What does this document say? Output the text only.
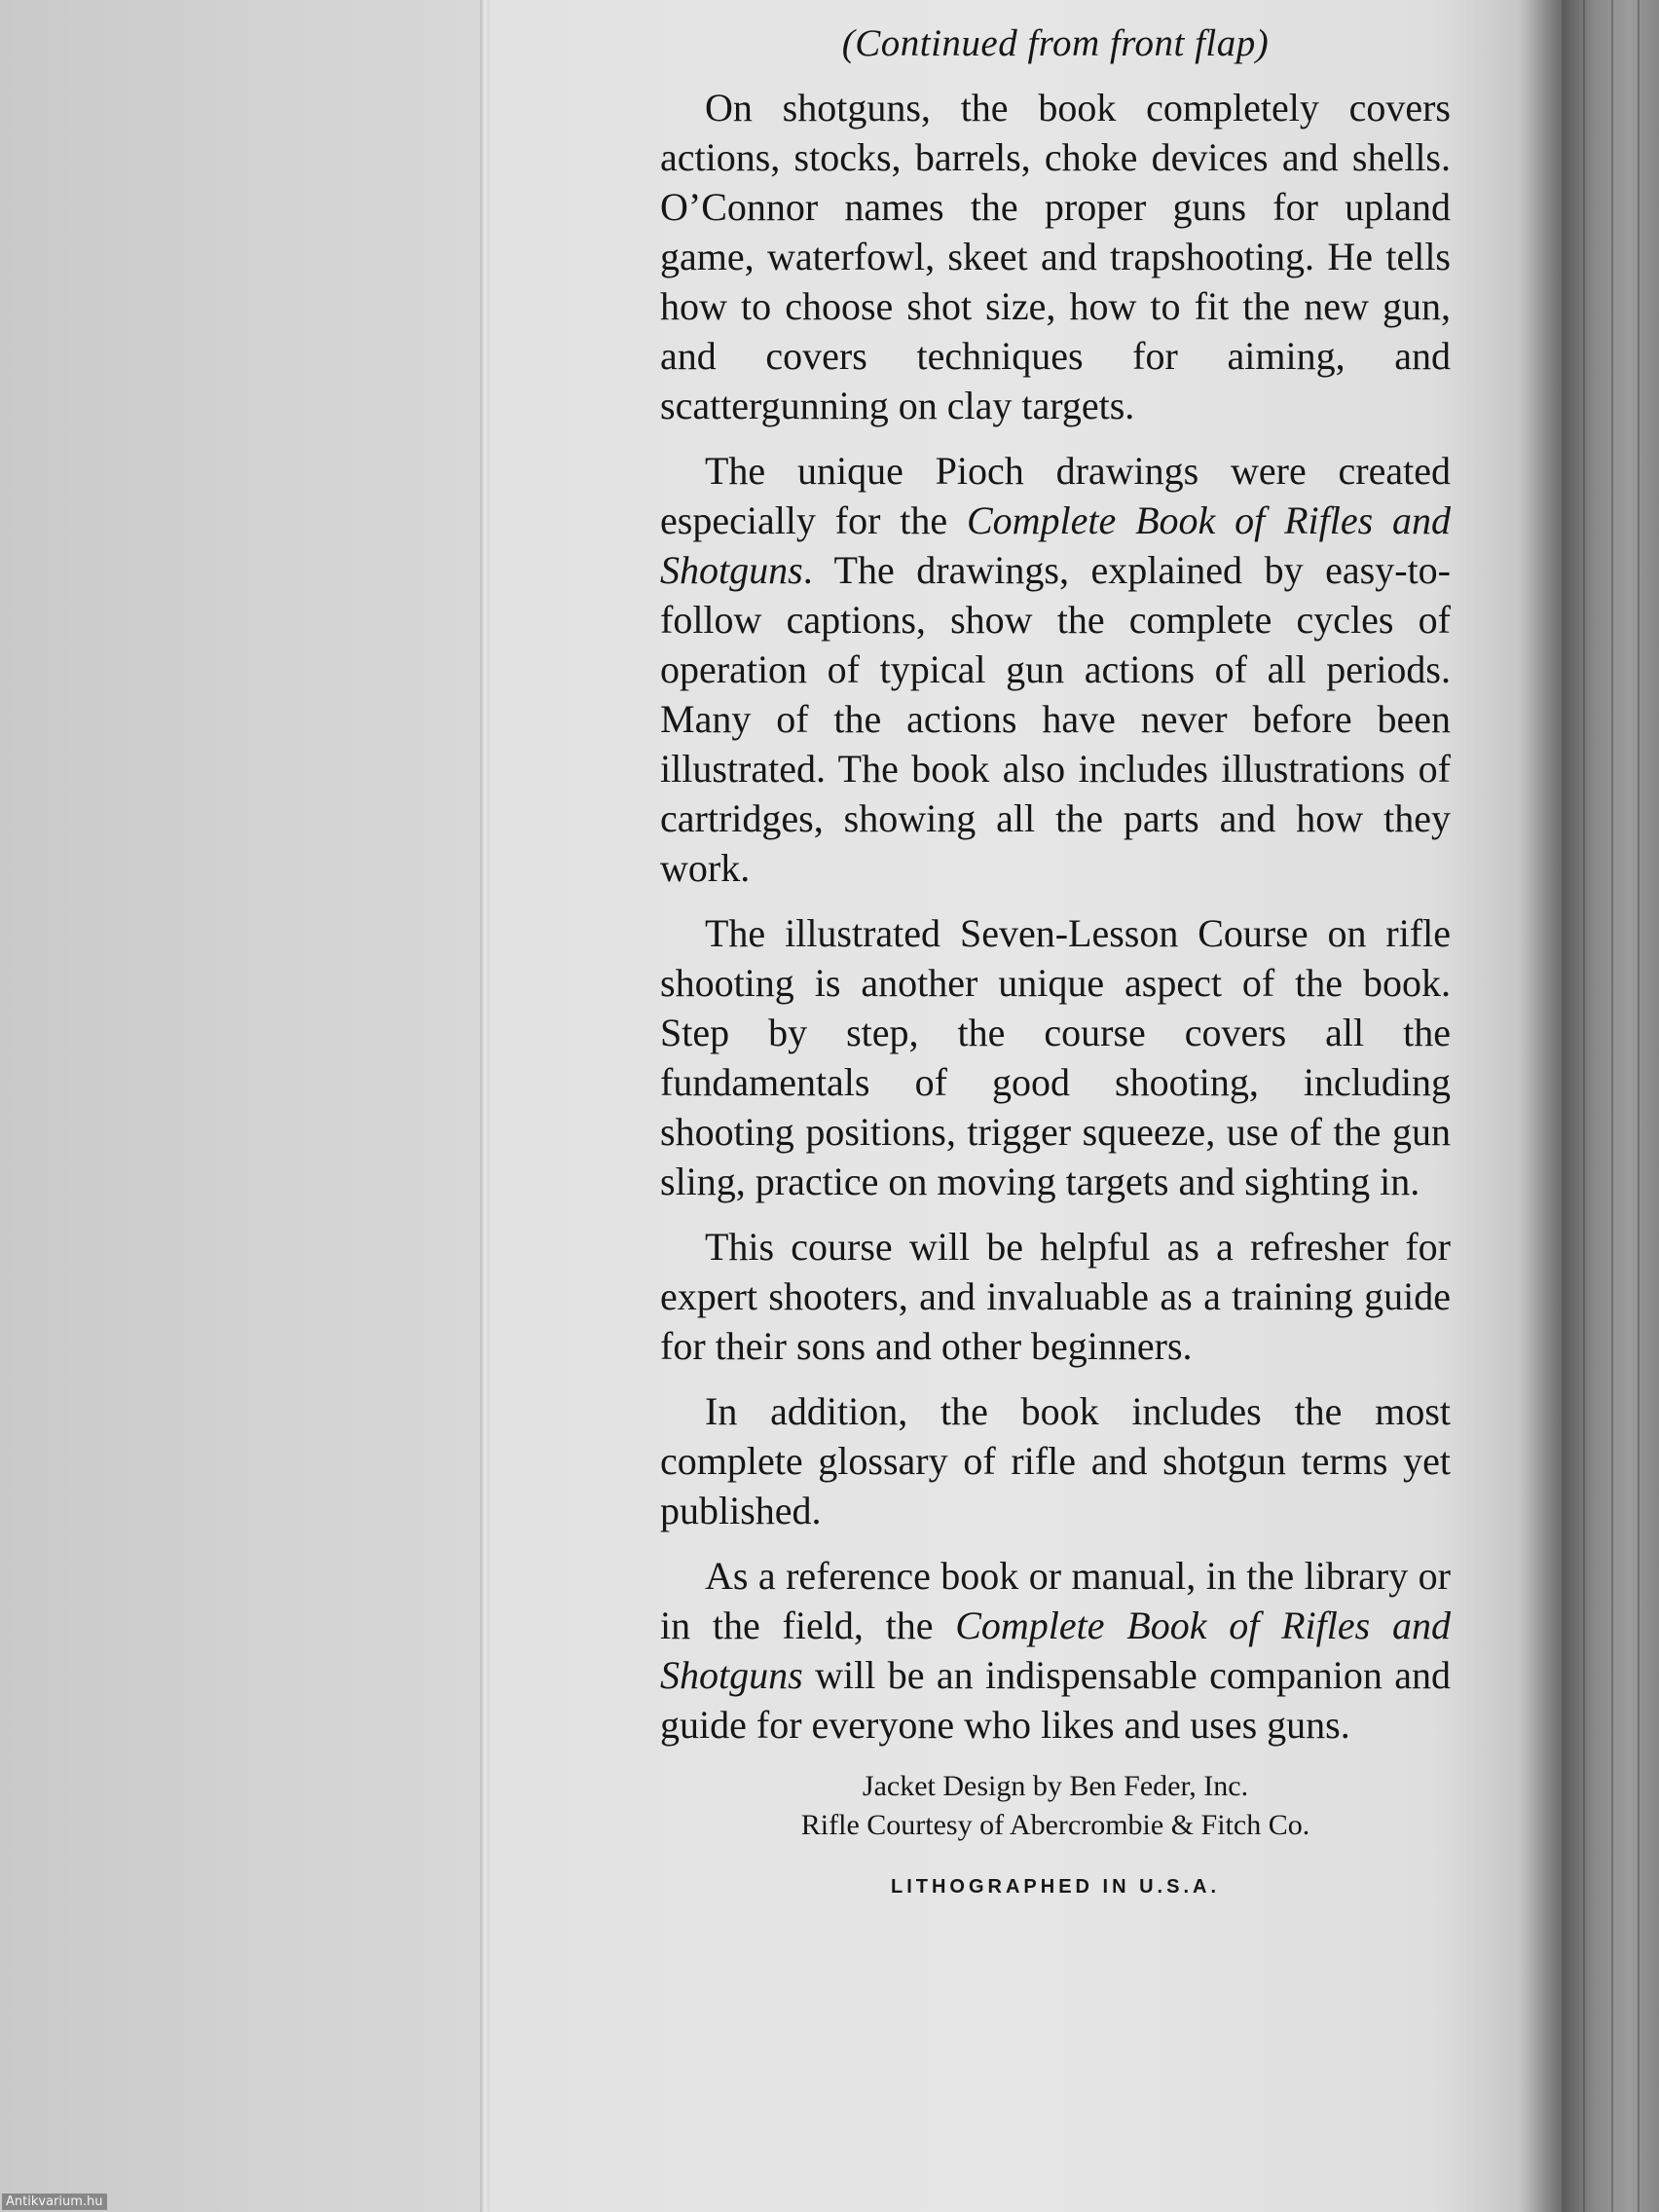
(Continued from front flap)

On shotguns, the book completely covers actions, stocks, barrels, choke devices and shells. O’Connor names the proper guns for upland game, waterfowl, skeet and trapshooting. He tells how to choose shot size, how to fit the new gun, and covers techniques for aiming, and scattergunning on clay targets.

The unique Pioch drawings were created especially for the Complete Book of Rifles and Shotguns. The drawings, explained by easy-to-follow captions, show the complete cycles of operation of typical gun actions of all periods. Many of the actions have never before been illustrated. The book also includes illustrations of cartridges, showing all the parts and how they work.

The illustrated Seven-Lesson Course on rifle shooting is another unique aspect of the book. Step by step, the course covers all the fundamentals of good shooting, including shooting positions, trigger squeeze, use of the gun sling, practice on moving targets and sighting in.

This course will be helpful as a refresher for expert shooters, and invaluable as a training guide for their sons and other beginners.

In addition, the book includes the most complete glossary of rifle and shotgun terms yet published.

As a reference book or manual, in the library or in the field, the Complete Book of Rifles and Shotguns will be an indispensable companion and guide for everyone who likes and uses guns.

Jacket Design by Ben Feder, Inc.
Rifle Courtesy of Abercrombie & Fitch Co.
LITHOGRAPHED IN U.S.A.
Antikvarium.hu
